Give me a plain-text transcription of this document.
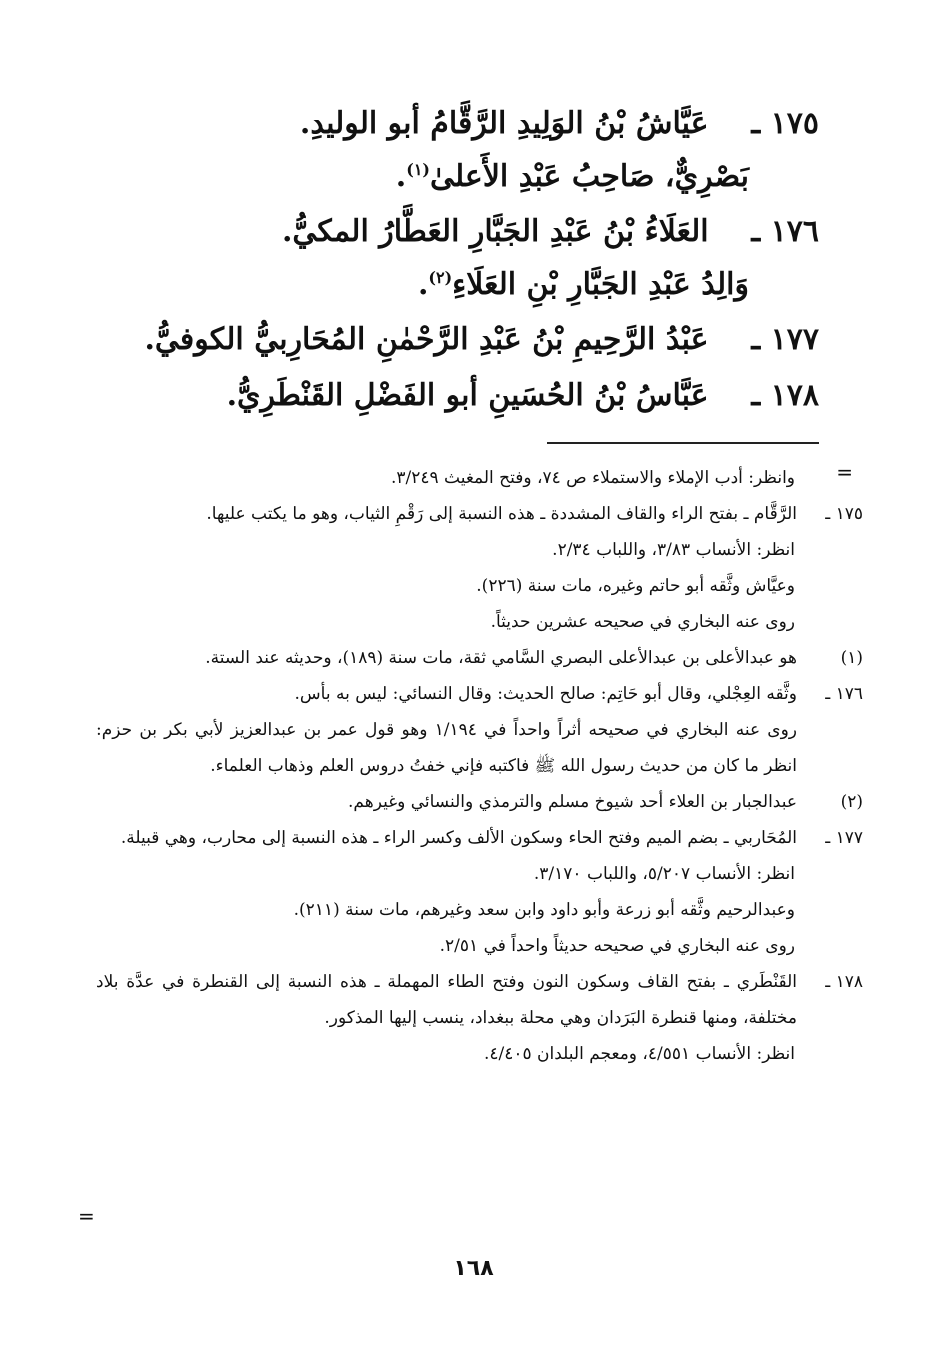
١٧٥ ـ عَيَّاشُ بْنُ الوَلِيدِ الرَّقَّامُ أبو الوليدِ.
بَصْرِيٌّ، صَاحِبُ عَبْدِ الأَعلىٰ$^{(١)}$.
١٧٦ ـ العَلَاءُ بْنُ عَبْدِ الجَبَّارِ العَطَّارُ المكيُّ.
وَالِدُ عَبْدِ الجَبَّارِ بْنِ العَلَاءِ$^{(٢)}$.
١٧٧ ـ عَبْدُ الرَّحِيمِ بْنُ عَبْدِ الرَّحْمٰنِ المُحَارِبيُّ الكوفيُّ.
١٧٨ ـ عَبَّاسُ بْنُ الحُسَينِ أبو الفَضْلِ القَنْطَرِيُّ.
=
وانظر: أدب الإملاء والاستملاء ص ٧٤، وفتح المغيث ٣/٢٤٩.
١٧٥ ـ
الرَّقَّام ـ بفتح الراء والقاف المشددة ـ هذه النسبة إلى رَقْمِ الثياب، وهو ما يكتب عليها.
انظر: الأنساب ٣/٨٣، واللباب ٢/٣٤.
وعيَّاش وثَّقه أبو حاتم وغيره، مات سنة (٢٢٦).
روى عنه البخاري في صحيحه عشرين حديثاً.
(١)
هو عبدالأعلى بن عبدالأعلى البصري السَّامي ثقة، مات سنة (١٨٩)، وحديثه عند الستة.
١٧٦ ـ
وثَّقه العِجْلي، وقال أبو حَاتِم: صالح الحديث: وقال النسائي: ليس به بأس.
روى عنه البخاري في صحيحه أثراً واحداً في ١/١٩٤ وهو قول عمر بن عبدالعزيز لأبي بكر بن حزم: انظر ما كان من حديث رسول الله ﷺ فاكتبه فإني خفتُ دروس العلم وذهاب العلماء.
(٢)
عبدالجبار بن العلاء أحد شيوخ مسلم والترمذي والنسائي وغيرهم.
١٧٧ ـ
المُحَاربي ـ بضم الميم وفتح الحاء وسكون الألف وكسر الراء ـ هذه النسبة إلى محارب، وهي قبيلة.
انظر: الأنساب ٥/٢٠٧، واللباب ٣/١٧٠.
وعبدالرحيم وثَّقه أبو زرعة وأبو داود وابن سعد وغيرهم، مات سنة (٢١١).
روى عنه البخاري في صحيحه حديثاً واحداً في ٢/٥١.
١٧٨ ـ
القَنْطَري ـ بفتح القاف وسكون النون وفتح الطاء المهملة ـ هذه النسبة إلى القنطرة في عدَّة بلاد مختلفة، ومنها قنطرة البَرَدان وهي محلة ببغداد، ينسب إليها المذكور.
انظر: الأنساب ٤/٥٥١، ومعجم البلدان ٤/٤٠٥.
=
١٦٨
